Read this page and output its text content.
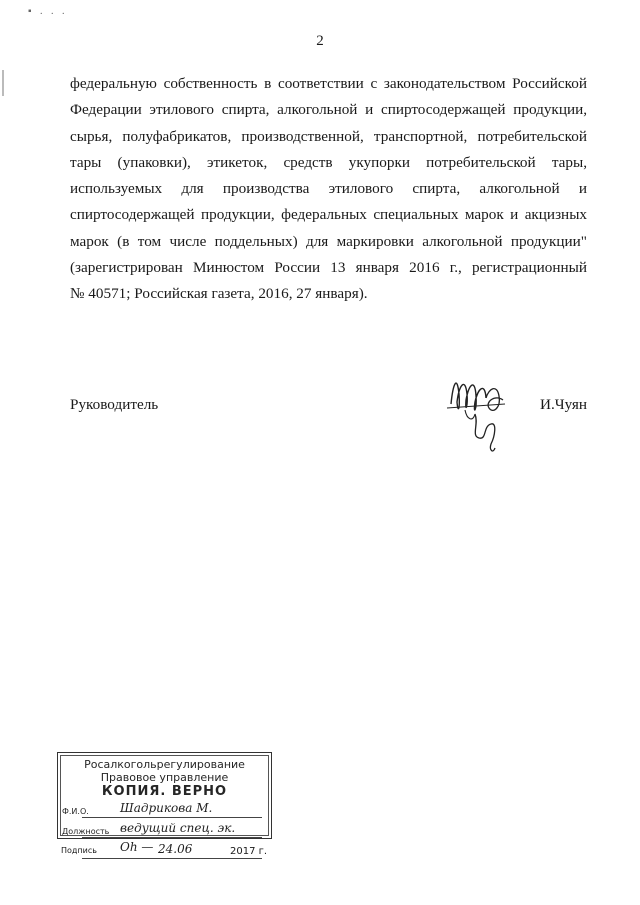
▪ . . .
2
федеральную собственность в соответствии с законодательством Российской
Федерации этилового спирта, алкогольной и спиртосодержащей продукции,
сырья, полуфабрикатов, производственной, транспортной, потребительской
тары (упаковки), этикеток, средств укупорки потребительской тары,
используемых для производства этилового спирта, алкогольной и
спиртосодержащей продукции, федеральных специальных марок и акцизных
марок (в том числе поддельных) для маркировки алкогольной продукции"
(зарегистрирован Минюстом России 13 января 2016 г., регистрационный
№ 40571; Российская газета, 2016, 27 января).
Руководитель	И.Чуян
Росалкогольрегулирование
Правовое управление
КОПИЯ. ВЕРНО
Ф.И.О.	Шадрикова М.
Должность ведущий спец. эк.
Подпись Oh — 24.06	2017 г.
